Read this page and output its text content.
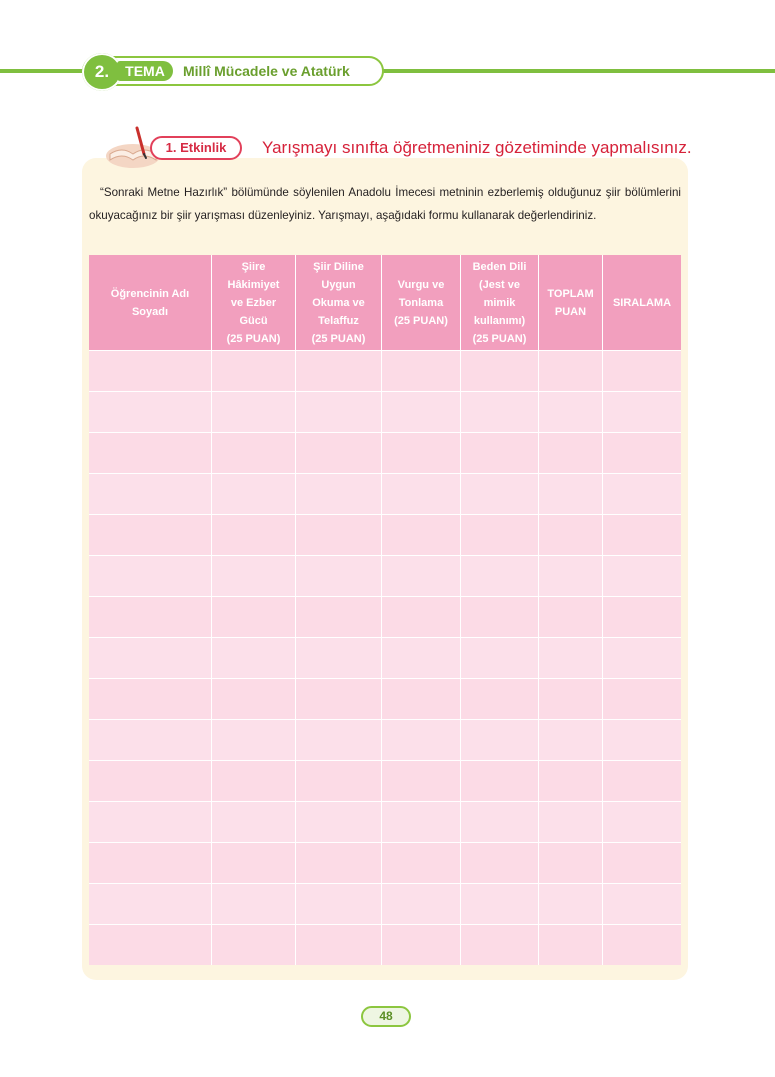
2.	TEMA	Millî Mücadele ve Atatürk
1. Etkinlik	Yarışmayı sınıfta öğretmeniniz gözetiminde yapmalısınız.

“Sonraki Metne Hazırlık” bölümünde söylenilen Anadolu İmecesi metninin ezberlemiş olduğunuz şiir bölümlerini okuyacağınız bir şiir yarışması düzenleyiniz. Yarışmayı, aşağıdaki formu kullanarak değerlendiriniz.

Öğrencinin Adı
Soyadı	Şiire
Hâkimiyet
ve Ezber
Gücü
(25 PUAN)	Şiir Diline
Uygun
Okuma ve
Telaffuz
(25 PUAN)	Vurgu ve
Tonlama
(25 PUAN)	Beden Dili
(Jest ve
mimik
kullanımı)
(25 PUAN)	TOPLAM
PUAN	SIRALAMA

48
